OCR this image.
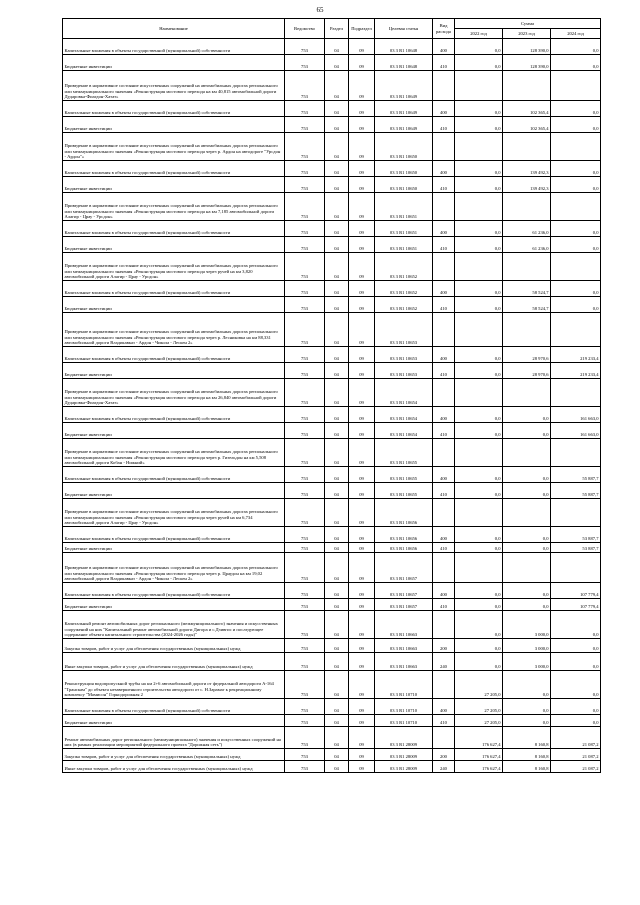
65
Наименование	Ведомство	Раздел	Подраздел	Целевая статья	Вид расхода	Сумма		
						2022 год	2023 год	2024 год
Капитальные вложения в объекты государственной (муниципальной) собственности	753	04	09	03 3 R1 10648	400	0,0	128 390,0	0,0
Бюджетные инвестиции	753	04	09	03 3 R1 10648	410	0,0	128 390,0	0,0
Приведение в нормативное состояние искусственных сооружений на автомобильных дорогах регионального или межмуниципального значения «Реконструкция мостового перехода на км 40,815 автомобильной дороги Дударовка-Фиагдон-Хатат»	753	04	09	03 3 R1 10649				
Капитальные вложения в объекты государственной (муниципальной) собственности	753	04	09	03 3 R1 10649	400	0,0	102 365,4	0,0
Бюджетные инвестиции	753	04	09	03 3 R1 10649	410	0,0	102 365,4	0,0
Приведение в нормативное состояние искусственных сооружений на автомобильных дорогах регионального или межмуниципального значения «Реконструкция мостового перехода через р. Ардон на автодороге "Урсдон - Ардон"»	753	04	09	03 3 R1 10650				
Капитальные вложения в объекты государственной (муниципальной) собственности	753	04	09	03 3 R1 10650	400	0,0	139 492,3	0,0
Бюджетные инвестиции	753	04	09	03 3 R1 10650	410	0,0	139 492,3	0,0
Приведение в нормативное состояние искусственных сооружений на автомобильных дорогах регионального или межмуниципального значения «Реконструкция мостового перехода на км 7,185 автомобильной дороги Алагир - Црау - Урсдон»	753	04	09	03 3 R1 10651				
Капитальные вложения в объекты государственной (муниципальной) собственности	753	04	09	03 3 R1 10651	400	0,0	61 236,0	0,0
Бюджетные инвестиции	753	04	09	03 3 R1 10651	410	0,0	61 236,0	0,0
Приведение в нормативное состояние искусственных сооружений на автомобильных дорогах регионального или межмуниципального значения «Реконструкция мостового перехода через ручей на км 3,820 автомобильной дороги Алагир - Црау - Урсдон»	753	04	09	03 3 R1 10652				
Капитальные вложения в объекты государственной (муниципальной) собственности	753	04	09	03 3 R1 10652	400	0,0	58 524,7	0,0
Бюджетные инвестиции	753	04	09	03 3 R1 10652	410	0,0	58 524,7	0,0
Приведение в нормативное состояние искусственных сооружений на автомобильных дорогах регионального или межмуниципального значения «Реконструкция мостового перехода через р. Лесниковка на км 88,331 автомобильной дороги Владикавказ - Ардон - Чикола - Лескен 2»	753	04	09	03 3 R1 10653				
Капитальные вложения в объекты государственной (муниципальной) собственности	753	04	09	03 3 R1 10653	400	0,0	28 970,6	219 233,4
Бюджетные инвестиции	753	04	09	03 3 R1 10653	410	0,0	28 970,6	219 233,4
Приведение в нормативное состояние искусственных сооружений на автомобильных дорогах регионального или межмуниципального значения «Реконструкция мостового перехода на км 26,840 автомобильной дороги Дударовка-Фиагдон-Хатат»	753	04	09	03 3 R1 10654				
Капитальные вложения в объекты государственной (муниципальной) собственности	753	04	09	03 3 R1 10654	400	0,0	0,0	161 663,0
Бюджетные инвестиции	753	04	09	03 3 R1 10654	410	0,0	0,0	161 663,0
Приведение в нормативное состояние искусственных сооружений на автомобильных дорогах регионального или межмуниципального значения «Реконструкция мостового перехода через р. Гизельдон на км 5,508 автомобильной дороги Кобан - Нижний»	753	04	09	03 3 R1 10655				
Капитальные вложения в объекты государственной (муниципальной) собственности	753	04	09	03 3 R1 10655	400	0,0	0,0	55 887,7
Бюджетные инвестиции	753	04	09	03 3 R1 10655	410	0,0	0,0	55 887,7
Приведение в нормативное состояние искусственных сооружений на автомобильных дорогах регионального или межмуниципального значения «Реконструкция мостового перехода через ручей на км 6,734 автомобильной дороги Алагир - Црау - Урсдон»	753	04	09	03 3 R1 10656				
Капитальные вложения в объекты государственной (муниципальной) собственности	753	04	09	03 3 R1 10656	400	0,0	0,0	53 887,7
Бюджетные инвестиции	753	04	09	03 3 R1 10656	410	0,0	0,0	53 887,7
Приведение в нормативное состояние искусственных сооружений на автомобильных дорогах регионального или межмуниципального значения «Реконструкция мостового перехода через р. Цраудон на км 19,02 автомобильной дороги Владикавказ - Ардон - Чикола - Лескен 2»	753	04	09	03 3 R1 10657				
Капитальные вложения в объекты государственной (муниципальной) собственности	753	04	09	03 3 R1 10657	400	0,0	0,0	107 779,4
Бюджетные инвестиции	753	04	09	03 3 R1 10657	410	0,0	0,0	107 779,4
Капитальный ремонт автомобильных дорог регионального (межмуниципального) значения и искусственных сооружений на них "Капитальный ремонт автомобильной дороги Дигора и с.Дзивгис и последующее содержание объекта капитального строительства (2024-2026 годы)"	753	04	09	03 3 R1 10663		0,0	3 000,0	0,0
Закупка товаров, работ и услуг для обеспечения государственных (муниципальных) нужд	753	04	09	03 3 R1 10663	200	0,0	3 000,0	0,0
Иные закупки товаров, работ и услуг для обеспечения государственных (муниципальных) нужд	753	04	09	03 3 R1 10663	240	0,0	3 000,0	0,0
Реконструкция водопропускной трубы на км 2+6 автомобильной дороги от федеральной автодороги А-164 "Транскам" до объекта незавершенного строительства автодороги от с. Н.Зарамаг к рекреационному комплексу "Мамисон" Горнодорожная 2	753	04	09	03 3 R1 10710		27 205,0	0,0	0,0
Капитальные вложения в объекты государственной (муниципальной) собственности	753	04	09	03 3 R1 10710	400	27 205,0	0,0	0,0
Бюджетные инвестиции	753	04	09	03 3 R1 10710	410	27 205,0	0,0	0,0
Ремонт автомобильных дорог регионального (межмуниципального) значения и искусственных сооружений на них (в рамках реализации мероприятий федерального проекта "Дорожная сеть")	753	04	09	03 3 R1 28009		176 627,4	8 160,8	21 087,2
Закупка товаров, работ и услуг для обеспечения государственных (муниципальных) нужд	753	04	09	03 3 R1 28009	200	176 627,4	8 160,8	21 087,2
Иные закупки товаров, работ и услуг для обеспечения государственных (муниципальных) нужд	753	04	09	03 3 R1 28009	240	176 627,4	8 160,8	21 087,2
